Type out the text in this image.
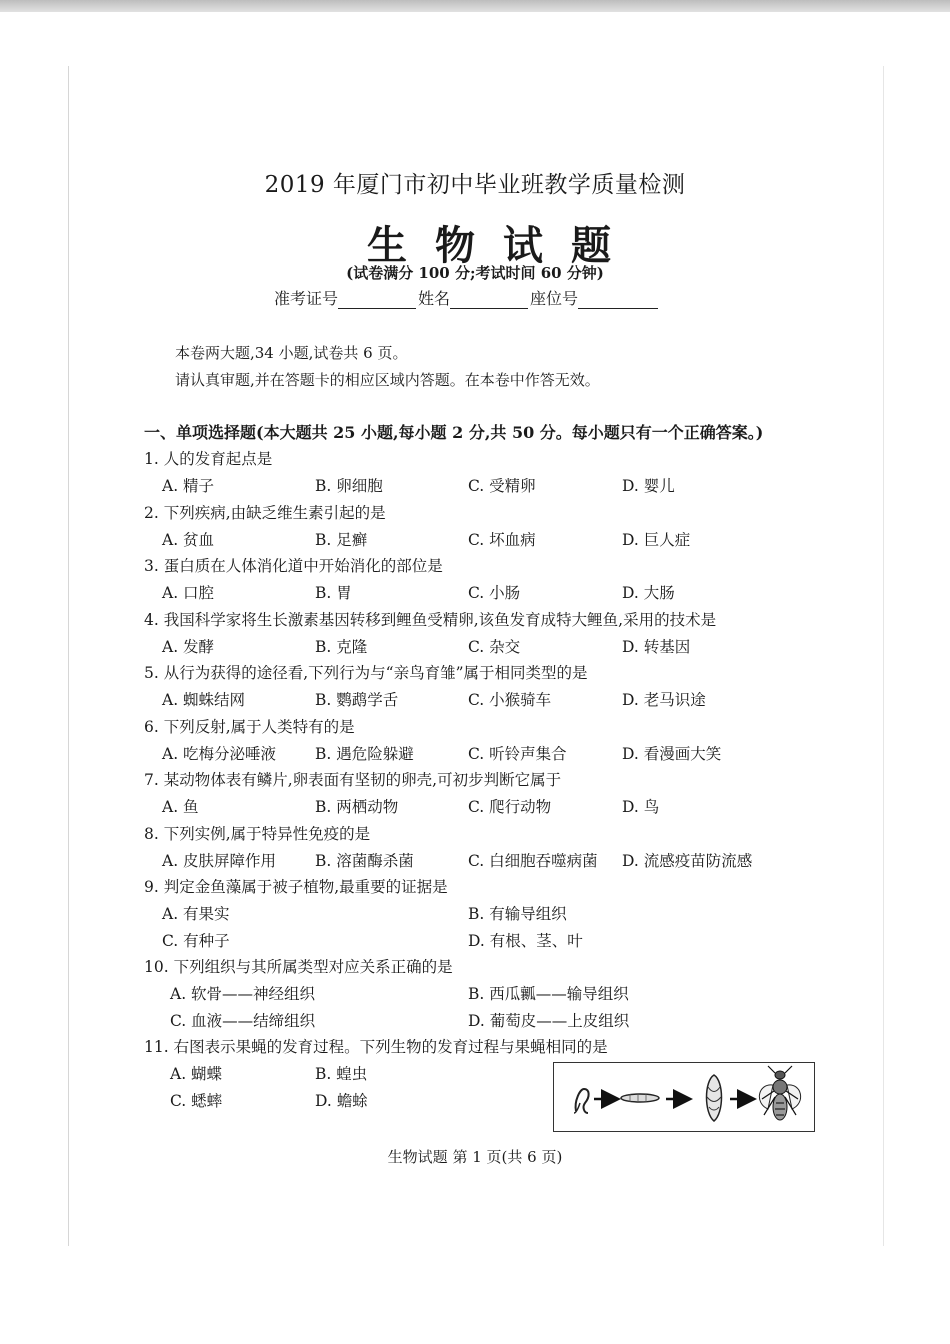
2019 年厦门市初中毕业班教学质量检测
生物试题
(试卷满分 100 分;考试时间 60 分钟)
准考证号	姓名	座位号
本卷两大题,34 小题,试卷共 6 页。
请认真审题,并在答题卡的相应区域内答题。在本卷中作答无效。
一、单项选择题(本大题共 25 小题,每小题 2 分,共 50 分。每小题只有一个正确答案。)
1. 人的发育起点是
A. 精子	B. 卵细胞	C. 受精卵	D. 婴儿
2. 下列疾病,由缺乏维生素引起的是
A. 贫血	B. 足癣	C. 坏血病	D. 巨人症
3. 蛋白质在人体消化道中开始消化的部位是
A. 口腔	B. 胃	C. 小肠	D. 大肠
4. 我国科学家将生长激素基因转移到鲤鱼受精卵,该鱼发育成特大鲤鱼,采用的技术是
A. 发酵	B. 克隆	C. 杂交	D. 转基因
5. 从行为获得的途径看,下列行为与“亲鸟育雏”属于相同类型的是
A. 蜘蛛结网	B. 鹦鹉学舌	C. 小猴骑车	D. 老马识途
6. 下列反射,属于人类特有的是
A. 吃梅分泌唾液	B. 遇危险躲避	C. 听铃声集合	D. 看漫画大笑
7. 某动物体表有鳞片,卵表面有坚韧的卵壳,可初步判断它属于
A. 鱼	B. 两栖动物	C. 爬行动物	D. 鸟
8. 下列实例,属于特异性免疫的是
A. 皮肤屏障作用	B. 溶菌酶杀菌	C. 白细胞吞噬病菌 D. 流感疫苗防流感
9. 判定金鱼藻属于被子植物,最重要的证据是
A. 有果实	B. 有输导组织
C. 有种子	D. 有根、茎、叶
10. 下列组织与其所属类型对应关系正确的是
A. 软骨——神经组织	B. 西瓜瓤——输导组织
C. 血液——结缔组织	D. 葡萄皮——上皮组织
11. 右图表示果蝇的发育过程。下列生物的发育过程与果蝇相同的是
A. 蝴蝶	B. 蝗虫
C. 蟋蟀	D. 蟾蜍
生物试题 第 1 页(共 6 页)
